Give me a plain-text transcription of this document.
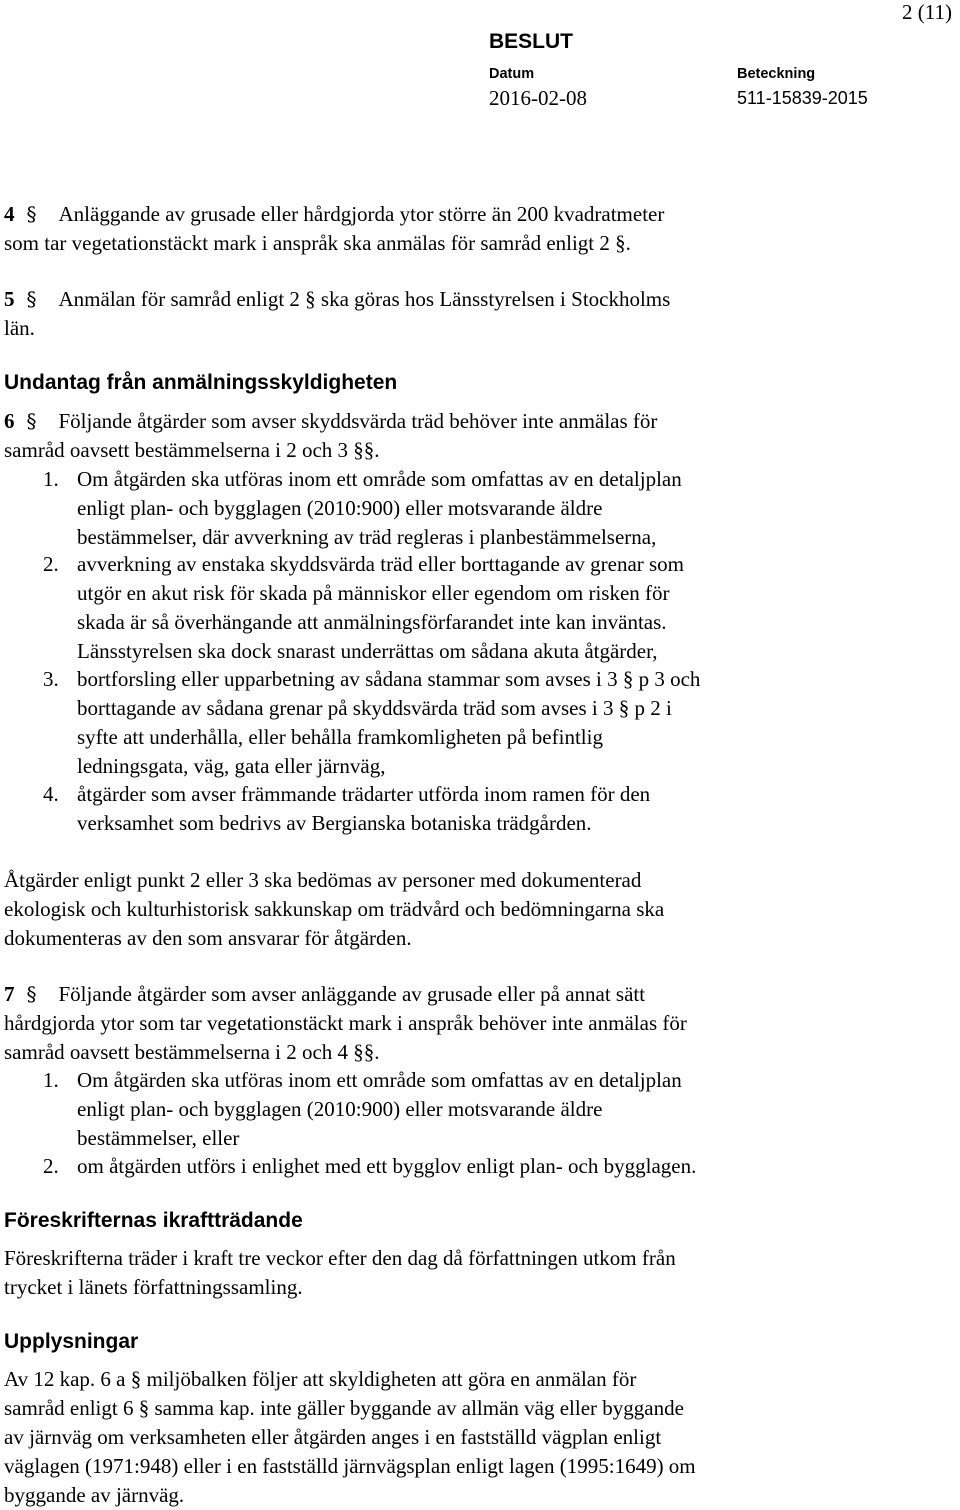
2 (11)
BESLUT
Datum	Beteckning
2016-02-08	511-15839-2015
4 § Anläggande av grusade eller hårdgjorda ytor större än 200 kvadratmeter
som tar vegetationstäckt mark i anspråk ska anmälas för samråd enligt 2 §.
5 § Anmälan för samråd enligt 2 § ska göras hos Länsstyrelsen i Stockholms
län.
Undantag från anmälningsskyldigheten
6 § Följande åtgärder som avser skyddsvärda träd behöver inte anmälas för
samråd oavsett bestämmelserna i 2 och 3 §§.
1. Om åtgärden ska utföras inom ett område som omfattas av en detaljplan
enligt plan- och bygglagen (2010:900) eller motsvarande äldre
bestämmelser, där avverkning av träd regleras i planbestämmelserna,
2. avverkning av enstaka skyddsvärda träd eller borttagande av grenar som
utgör en akut risk för skada på människor eller egendom om risken för
skada är så överhängande att anmälningsförfarandet inte kan inväntas.
Länsstyrelsen ska dock snarast underrättas om sådana akuta åtgärder,
3. bortforsling eller upparbetning av sådana stammar som avses i 3 § p 3 och
borttagande av sådana grenar på skyddsvärda träd som avses i 3 § p 2 i
syfte att underhålla, eller behålla framkomligheten på befintlig
ledningsgata, väg, gata eller järnväg,
4. åtgärder som avser främmande trädarter utförda inom ramen för den
verksamhet som bedrivs av Bergianska botaniska trädgården.
Åtgärder enligt punkt 2 eller 3 ska bedömas av personer med dokumenterad
ekologisk och kulturhistorisk sakkunskap om trädvård och bedömningarna ska
dokumenteras av den som ansvarar för åtgärden.
7 § Följande åtgärder som avser anläggande av grusade eller på annat sätt
hårdgjorda ytor som tar vegetationstäckt mark i anspråk behöver inte anmälas för
samråd oavsett bestämmelserna i 2 och 4 §§.
1. Om åtgärden ska utföras inom ett område som omfattas av en detaljplan
enligt plan- och bygglagen (2010:900) eller motsvarande äldre
bestämmelser, eller
2. om åtgärden utförs i enlighet med ett bygglov enligt plan- och bygglagen.
Föreskrifternas ikraftträdande
Föreskrifterna träder i kraft tre veckor efter den dag då författningen utkom från
trycket i länets författningssamling.
Upplysningar
Av 12 kap. 6 a § miljöbalken följer att skyldigheten att göra en anmälan för
samråd enligt 6 § samma kap. inte gäller byggande av allmän väg eller byggande
av järnväg om verksamheten eller åtgärden anges i en fastställd vägplan enligt
väglagen (1971:948) eller i en fastställd järnvägsplan enligt lagen (1995:1649) om
byggande av järnväg.
